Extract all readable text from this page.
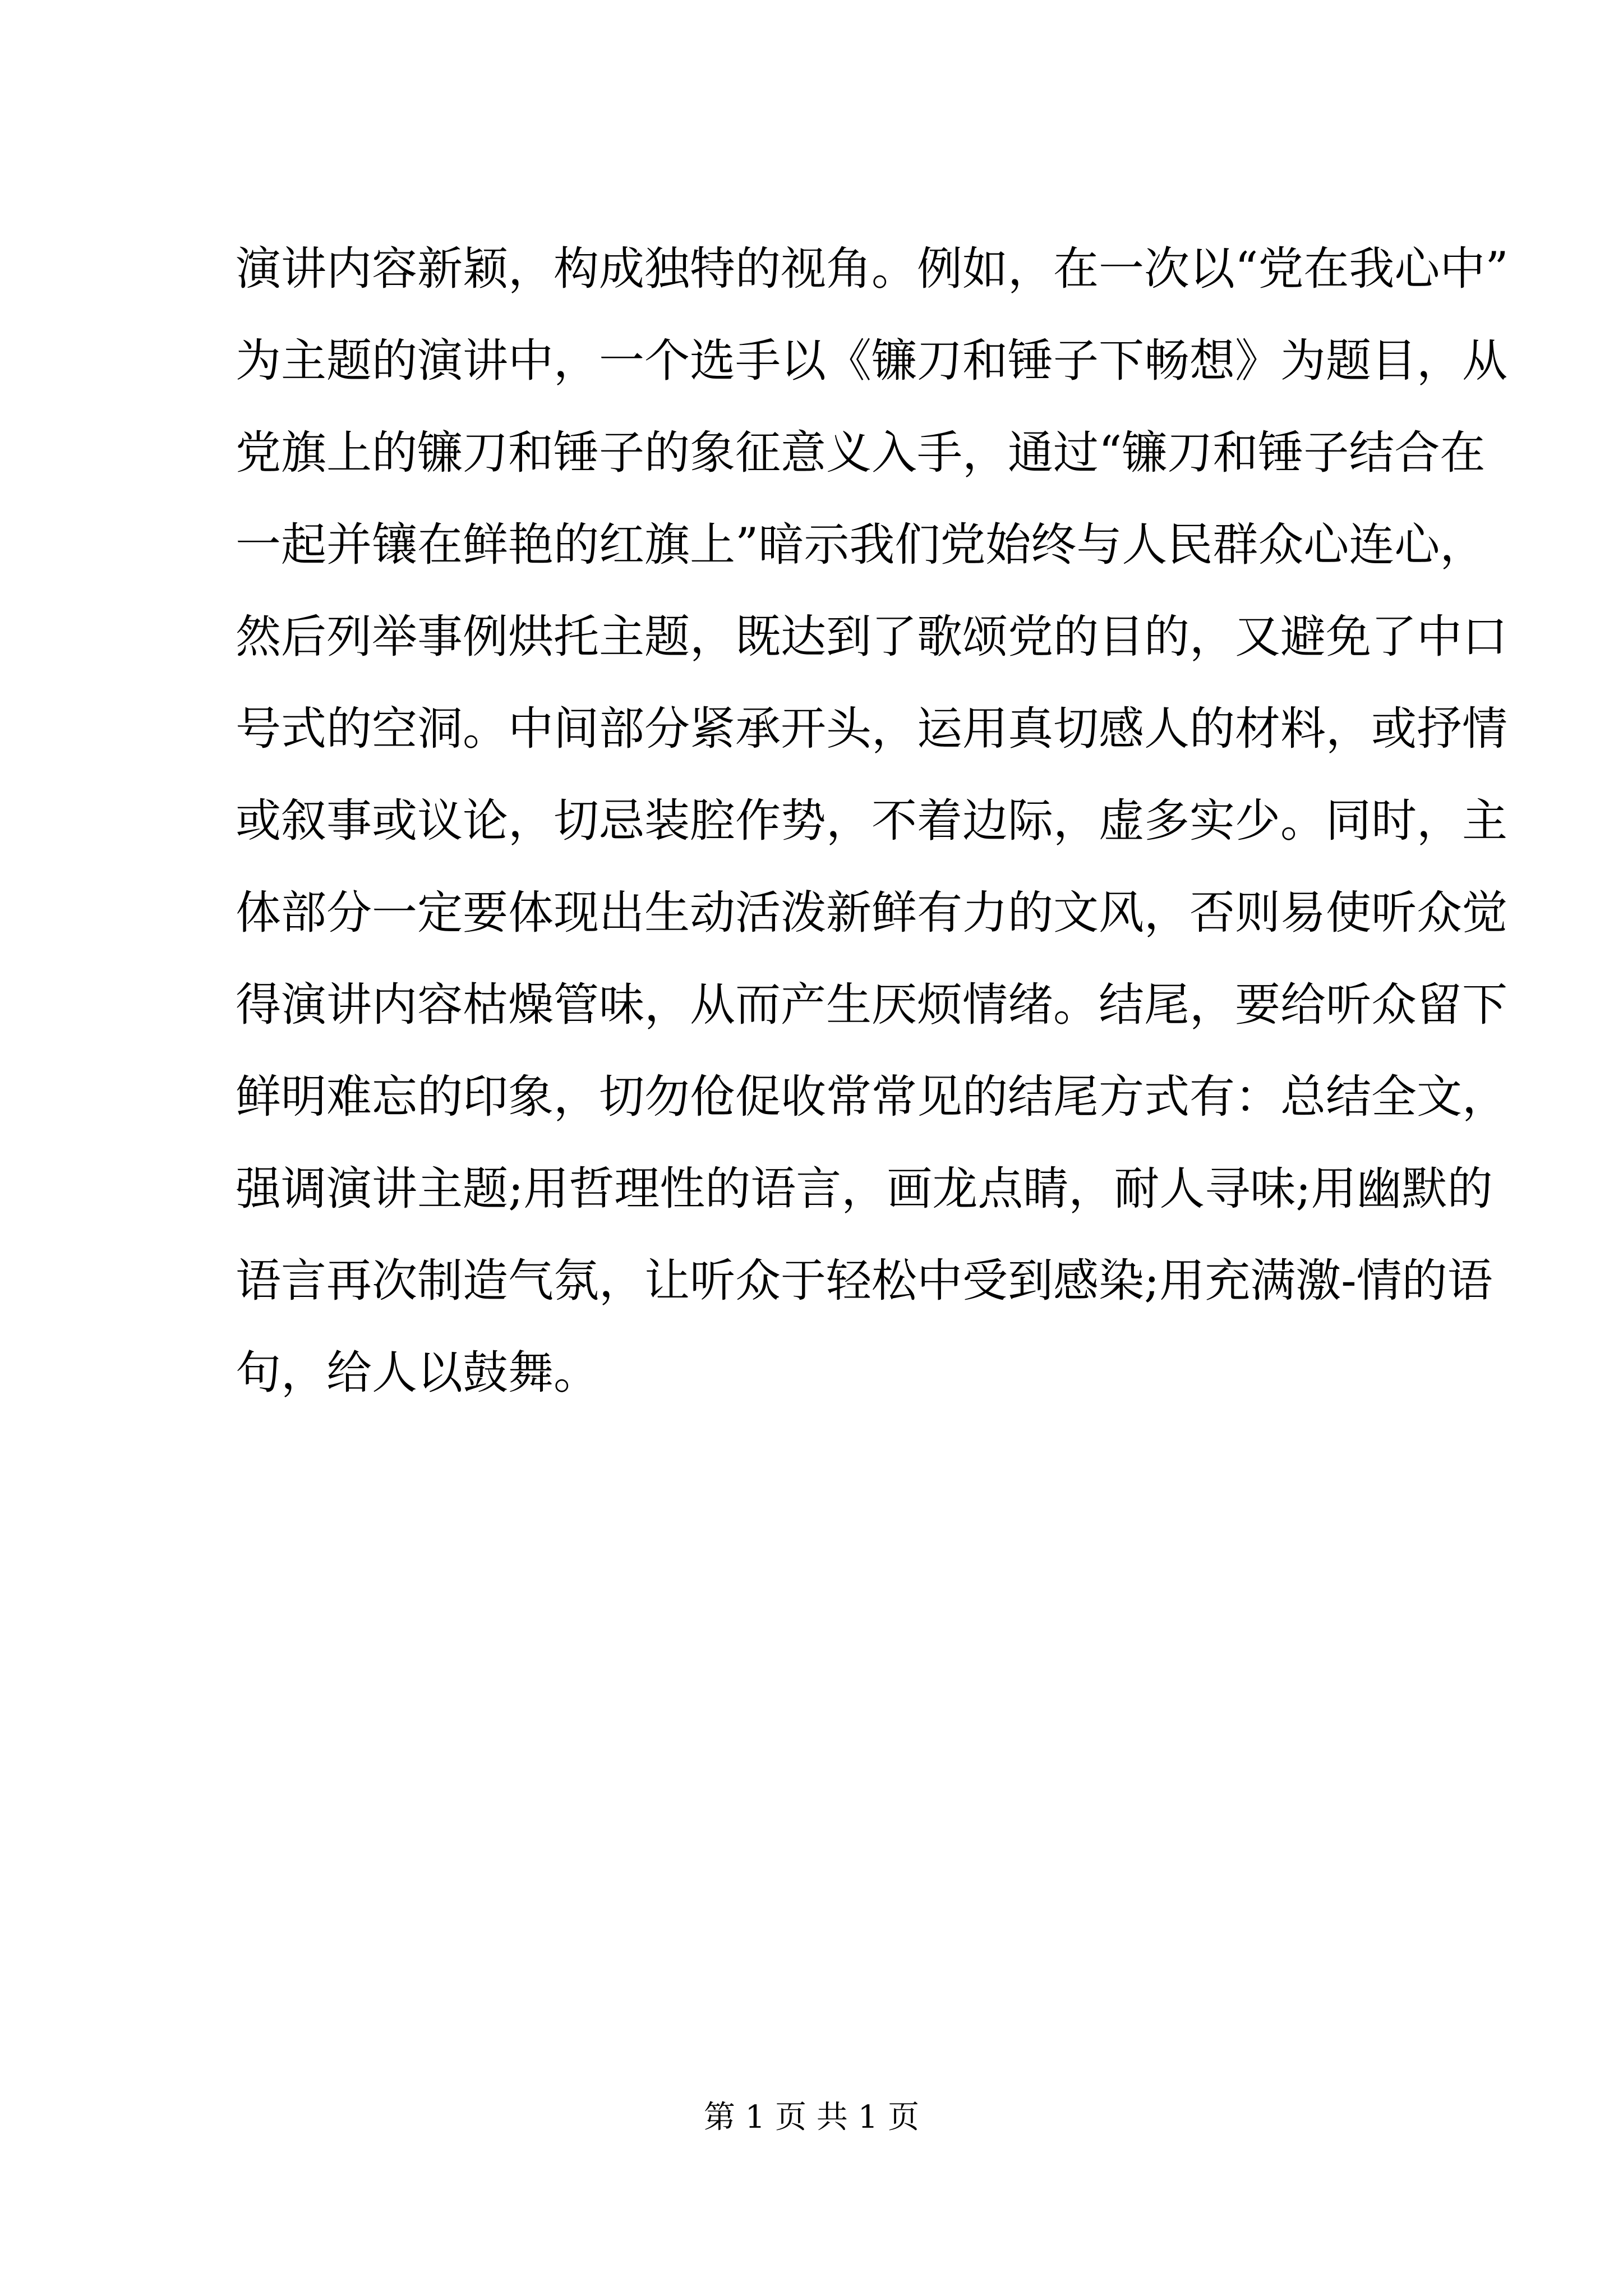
演讲内容新颖，构成独特的视角。例如，在一次以“党在我心中”
为主题的演讲中，一个选手以《镰刀和锤子下畅想》为题目，从
党旗上的镰刀和锤子的象征意义入手，通过“镰刀和锤子结合在
一起并镶在鲜艳的红旗上”暗示我们党始终与人民群众心连心，
然后列举事例烘托主题，既达到了歌颂党的目的，又避免了中口
号式的空洞。中间部分紧承开头，运用真切感人的材料，或抒情
或叙事或议论，切忌装腔作势，不着边际，虚多实少。同时，主
体部分一定要体现出生动活泼新鲜有力的文风，否则易使听众觉
得演讲内容枯燥管味，从而产生厌烦情绪。结尾，要给听众留下
鲜明难忘的印象，切勿伧促收常常见的结尾方式有：总结全文，
强调演讲主题;用哲理性的语言，画龙点睛，耐人寻味;用幽默的
语言再次制造气氛，让听众于轻松中受到感染;用充满激-情的语
句，给人以鼓舞。
第 1 页 共 1 页
